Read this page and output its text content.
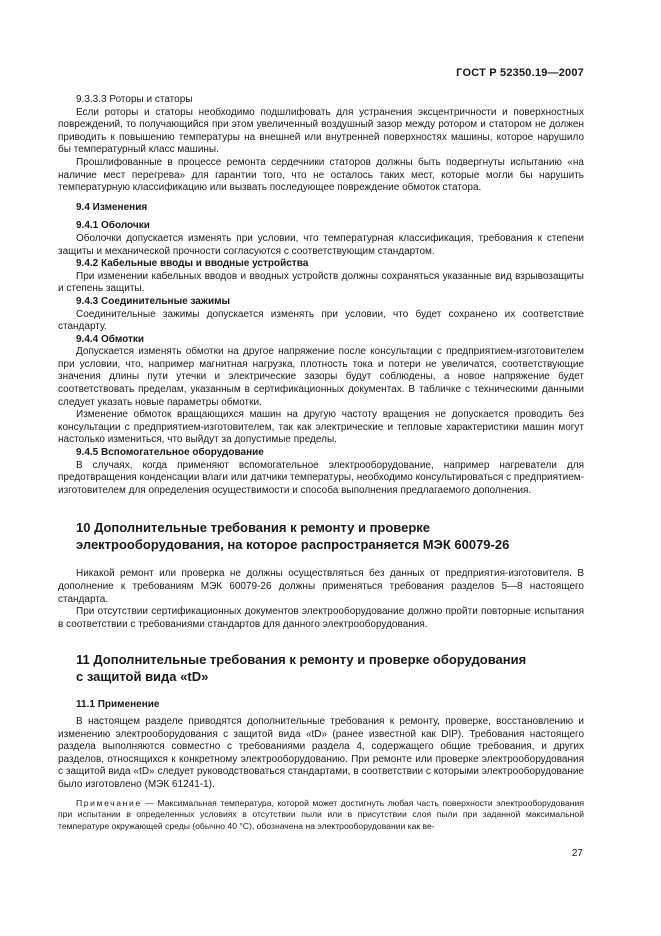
ГОСТ Р 52350.19—2007
9.3.3.3 Роторы и статоры

Если роторы и статоры необходимо подшлифовать для устранения эксцентричности и поверхностных повреждений, то получающийся при этом увеличенный воздушный зазор между ротором и статором не должен приводить к повышению температуры на внешней или внутренней поверхностях машины, которое нарушило бы температурный класс машины.

Прошлифованные в процессе ремонта сердечники статоров должны быть подвергнуты испытанию «на наличие мест перегрева» для гарантии того, что не осталось таких мест, которые могли бы нарушить температурную классификацию или вызвать последующее повреждение обмоток статора.

9.4 Изменения
9.4.1 Оболочки

Оболочки допускается изменять при условии, что температурная классификация, требования к степени защиты и механической прочности согласуются с соответствующим стандартом.

9.4.2 Кабельные вводы и вводные устройства

При изменении кабельных вводов и вводных устройств должны сохраняться указанные вид взрывозащиты и степень защиты.

9.4.3 Соединительные зажимы

Соединительные зажимы допускается изменять при условии, что будет сохранено их соответствие стандарту.

9.4.4 Обмотки

Допускается изменять обмотки на другое напряжение после консультации с предприятием-изготовителем при условии, что, например магнитная нагрузка, плотность тока и потери не увеличатся, соответствующие значения длины пути утечки и электрические зазоры будут соблюдены, а новое напряжение будет соответствовать пределам, указанным в сертификационных документах. В табличке с техническими данными следует указать новые параметры обмотки.

Изменение обмоток вращающихся машин на другую частоту вращения не допускается проводить без консультации с предприятием-изготовителем, так как электрические и тепловые характеристики машин могут настолько измениться, что выйдут за допустимые пределы.

9.4.5 Вспомогательное оборудование

В случаях, когда применяют вспомогательное электрооборудование, например нагреватели для предотвращения конденсации влаги или датчики температуры, необходимо консультироваться с предприятием-изготовителем для определения осуществимости и способа выполнения предлагаемого дополнения.

10 Дополнительные требования к ремонту и проверке
электрооборудования, на которое распространяется МЭК 60079-26

Никакой ремонт или проверка не должны осуществляться без данных от предприятия-изготовителя. В дополнение к требованиям МЭК 60079-26 должны применяться требования разделов 5—8 настоящего стандарта.

При отсутствии сертификационных документов электрооборудование должно пройти повторные испытания в соответствии с требованиями стандартов для данного электрооборудования.

11 Дополнительные требования к ремонту и проверке оборудования
с защитой вида «tD»
11.1 Применение

В настоящем разделе приводятся дополнительные требования к ремонту, проверке, восстановлению и изменению электрооборудования с защитой вида «tD» (ранее известной как DIP). Требования настоящего раздела выполняются совместно с требованиями раздела 4, содержащего общие требования, и других разделов, относящихся к конкретному электрооборудованию. При ремонте или проверке электрооборудования с защитой вида «tD» следует руководствоваться стандартами, в соответствии с которыми электрооборудование было изготовлено (МЭК 61241-1).

Примечание — Максимальная температура, которой может достигнуть любая часть поверхности электрооборудования при испытании в определенных условиях в отсутствии пыли или в присутствии слоя пыли при заданной максимальной температуре окружающей среды (обычно 40 °C), обозначена на электрооборудовании как ве-

27
